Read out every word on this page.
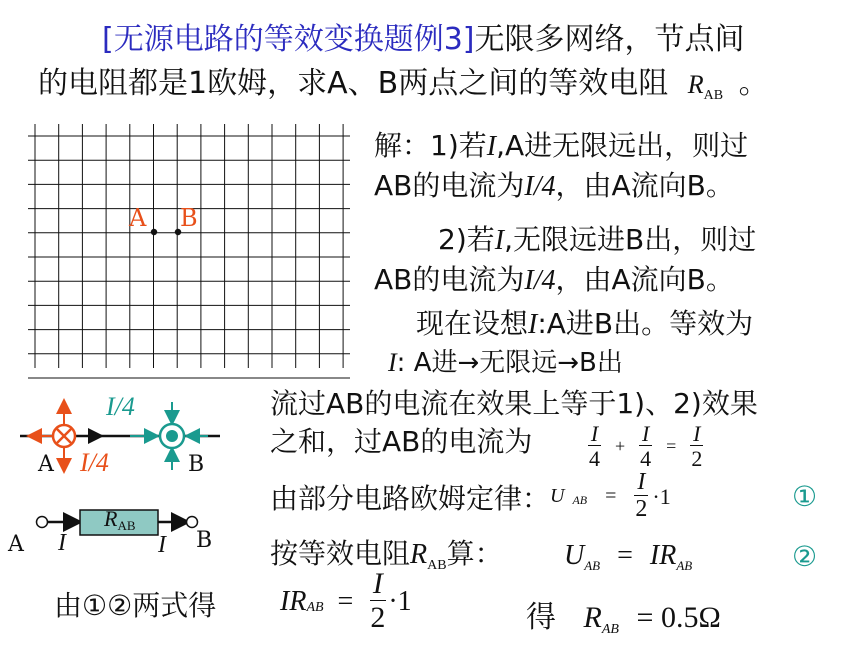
[无源电路的等效变换题例3]无限多网络，节点间
的电阻都是1欧姆，求A、B两点之间的等效电阻 $R_{AB}$ 。
A B
解：1)若I,A进无限远出，则过
AB的电流为I/4，由A流向B。
2)若I,无限远进B出，则过
AB的电流为I/4，由A流向B。
现在设想I:A进B出。等效为
I: A进→无限远→B出
流过AB的电流在效果上等于1)、2)效果
之和，过AB的电流为 $\frac{I}{4} + \frac{I}{4} = \frac{I}{2}$
I/4
I/4
A	B
由部分电路欧姆定律： U AB = $\frac{I}{2} \cdot 1$	①
按等效电阻$R_{AB}$算： $U_{AB} = IR_{AB}$	②
RAB
A	B
I	I
由①②两式得 IR AB = $\frac{I}{2} \cdot 1$	得 $R_{AB} = 0.5\Omega$
